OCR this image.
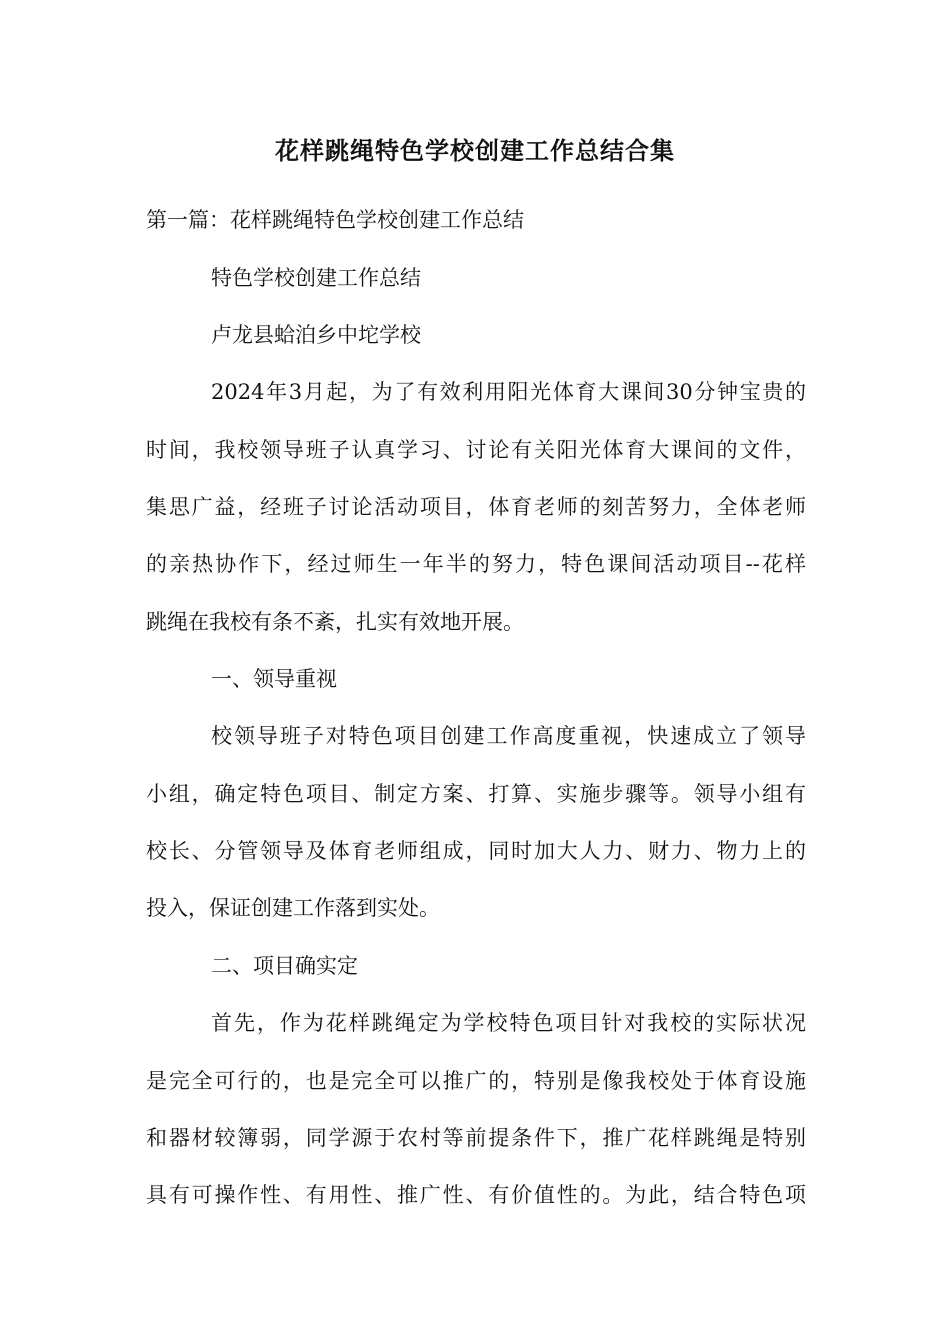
花样跳绳特色学校创建工作总结合集
第一篇：花样跳绳特色学校创建工作总结
特色学校创建工作总结
卢龙县蛤泊乡中坨学校
2024年3月起，为了有效利用阳光体育大课间30分钟宝贵的
时间，我校领导班子认真学习、讨论有关阳光体育大课间的文件，
集思广益，经班子讨论活动项目，体育老师的刻苦努力，全体老师
的亲热协作下，经过师生一年半的努力，特色课间活动项目--花样
跳绳在我校有条不紊，扎实有效地开展。
一、领导重视
校领导班子对特色项目创建工作高度重视，快速成立了领导
小组，确定特色项目、制定方案、打算、实施步骤等。领导小组有
校长、分管领导及体育老师组成，同时加大人力、财力、物力上的
投入，保证创建工作落到实处。
二、项目确实定
首先，作为花样跳绳定为学校特色项目针对我校的实际状况
是完全可行的，也是完全可以推广的，特别是像我校处于体育设施
和器材较簿弱，同学源于农村等前提条件下，推广花样跳绳是特别
具有可操作性、有用性、推广性、有价值性的。为此，结合特色项
